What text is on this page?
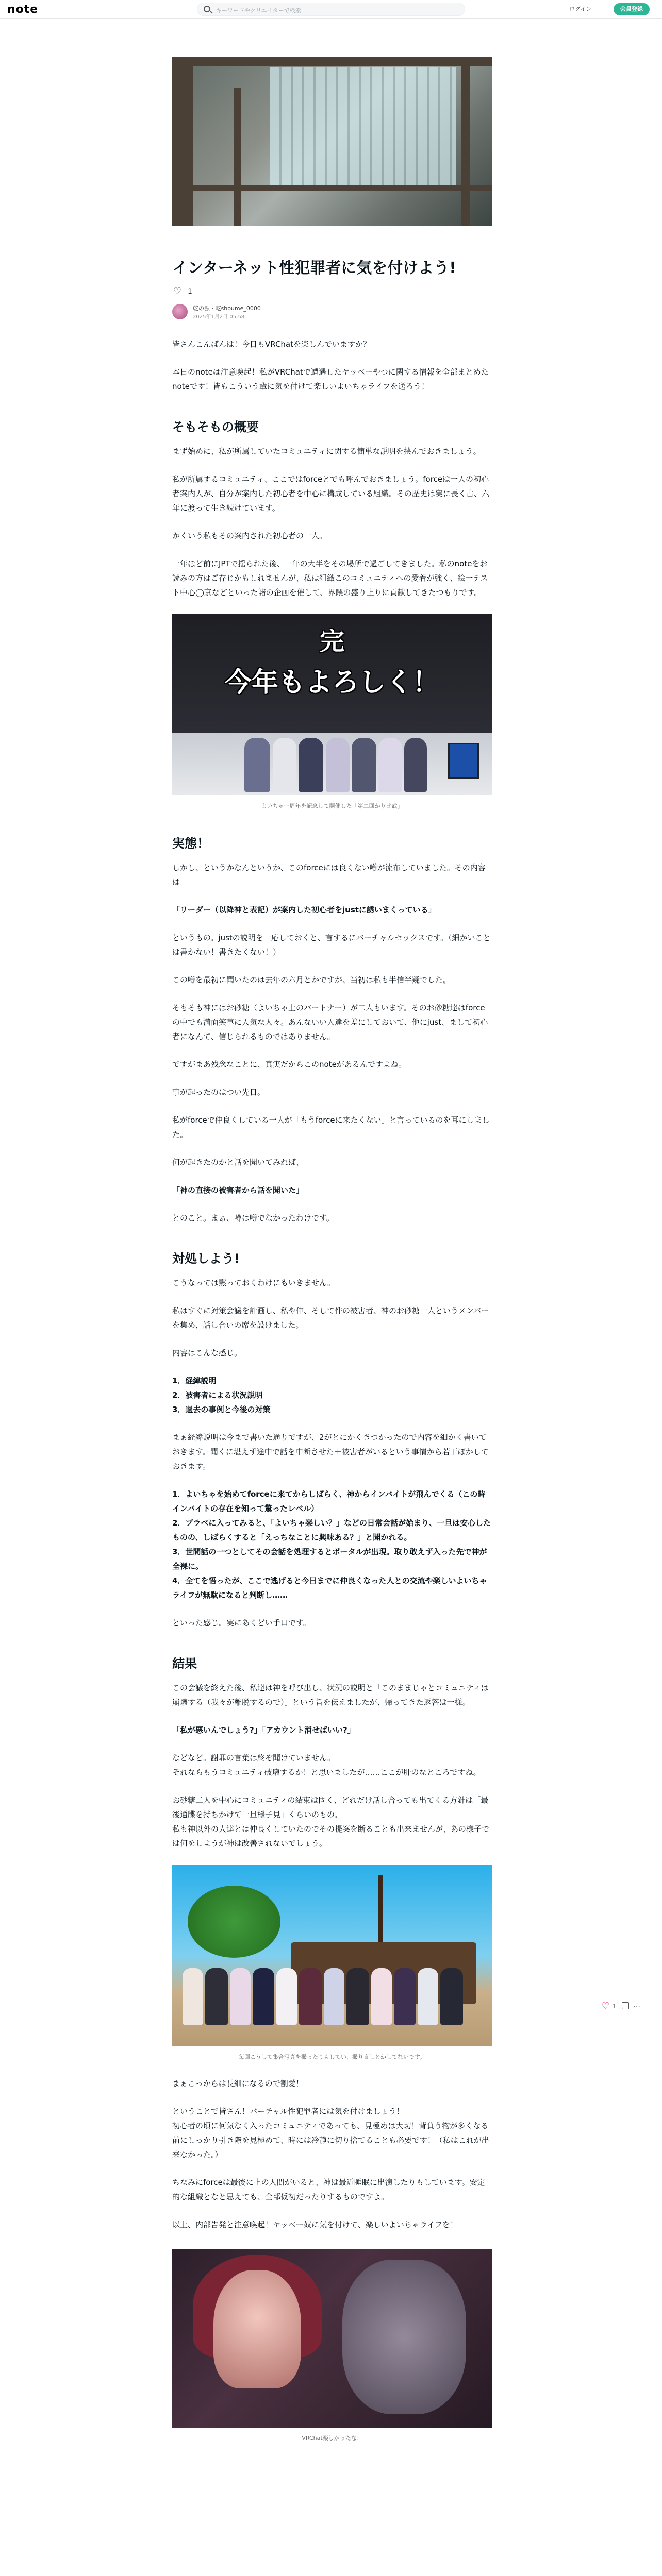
note	キーワードやクリエイターで検索	ログイン	会員登録
インターネット性犯罪者に気を付けよう!
♡ 1
乾の源 · 乾shoume_0000
2025年1月2日 05:58
皆さんこんばんは！今日もVRChatを楽しんでいますか？
本日のnoteは注意喚起！私がVRChatで遭遇したヤッベーやつに関する情報を全部まとめたnoteです！皆もこういう輩に気を付けて楽しいよいちゃライフを送ろう！
そもそもの概要
まず始めに、私が所属していたコミュニティに関する簡単な説明を挟んでおきましょう。
私が所属するコミュニティ、ここではforceとでも呼んでおきましょう。forceは一人の初心者案内人が、自分が案内した初心者を中心に構成している組織。その歴史は実に長く古、六年に渡って生き続けています。
かくいう私もその案内された初心者の一人。
一年ほど前にJPTで揺られた後、一年の大半をその場所で過ごしてきました。私のnoteをお読みの方はご存じかもしれませんが、私は組織このコミュニティへの愛着が強く、絵一テスト中心◯京などといった諸の企画を催して、界隈の盛り上りに貢献してきたつもりです。
完
今年もよろしく！
よいちゃー周年を記念して開催した「第二回かり比武」
実態！
しかし、というかなんというか、このforceには良くない噂が流布していました。その内容は
「リーダー（以降神と表記）が案内した初心者をjustに誘いまくっている」
というもの。justの説明を一応しておくと、言するにバーチャルセックスです。（細かいことは書かない！書きたくない！）
この噂を最初に聞いたのは去年の六月とかですが、当初は私も半信半疑でした。
そもそも神にはお砂糖（よいちゃ上のパートナー）が二人もいます。そのお砂糖達はforceの中でも満面笑草に人気な人々。あんないい人達を差にしておいて、他にjust、まして初心者になんて、信じられるものではありません。
ですがまあ残念なことに、真実だからこのnoteがあるんですよね。
事が起ったのはつい先日。
私がforceで仲良くしている一人が「もうforceに来たくない」と言っているのを耳にしました。
何が起きたのかと話を聞いてみれば、
「神の直接の被害者から話を聞いた」
とのこと。まぁ、噂は噂でなかったわけです。
対処しよう!
こうなっては黙っておくわけにもいきません。
私はすぐに対策会議を計画し、私や仲、そして件の被害者、神のお砂糖一人というメンバーを集め、話し合いの席を設けました。
内容はこんな感じ。
1．経緯説明
2．被害者による状況説明
3．過去の事例と今後の対策
まぁ経緯説明は今まで書いた通りですが、2がとにかくきつかったので内容を細かく書いておきます。聞くに堪えず途中で話を中断させた＋被害者がいるという事情から若干ぼかしておきます。
1．よいちゃを始めてforceに来てからしばらく、神からインバイトが飛んでくる（この時インバイトの存在を知って驚ったレベル）
2．ブラベに入ってみると、「よいちゃ楽しい？」などの日常会話が始まり、一旦は安心したものの、しばらくすると「えっちなことに興味ある？」と聞かれる。
3．世間話の一つとしてその会話を処理するとポータルが出現。取り敢えず入った先で神が全裸に。
4．全てを悟ったが、ここで逃げると今日までに仲良くなった人との交流や楽しいよいちゃライフが無駄になると判断し……
といった感じ。実にあくどい手口です。
結果
この会議を終えた後、私達は神を呼び出し、状況の説明と「このままじゃとコミュニティは崩壊する（我々が離脱するので）」という旨を伝えましたが、帰ってきた返答は一様。
「私が悪いんでしょう?」「アカウント消せばいい?」
などなど。謝罪の言葉は終ぞ聞けていません。
それならもうコミュニティ破壊するか！と思いましたが……ここが肝のなところですね。
お砂糖二人を中心にコミュニティの結束は固く、どれだけ話し合っても出てくる方針は「最後通牒を持ちかけて一旦様子見」くらいのもの。
私も神以外の人達とは仲良くしていたのでその提案を断ることも出来ませんが、あの様子では何をしようが神は改善されないでしょう。
毎回こうして集合写真を撮ったりもしてい、撮り直しとかしてないです。
まぁこっからは長細になるので割愛！
ということで皆さん！バーチャル性犯罪者には気を付けましょう！
初心者の頃に何気なく入ったコミュニティであっても、見極めは大切！背負う物が多くなる前にしっかり引き際を見極めて、時には冷静に切り捨てることも必要です！（私はこれが出来なかった。）
ちなみにforceは最後に上の人間がいると、神は最近睡眠に出演したりもしています。安定的な組織となと思えても、全部仮初だったりするものですよ。
以上、内部告発と注意喚起！ヤッベー奴に気を付けて、楽しいよいちゃライフを！
VRChat楽しかったな！
♡ 1 …
